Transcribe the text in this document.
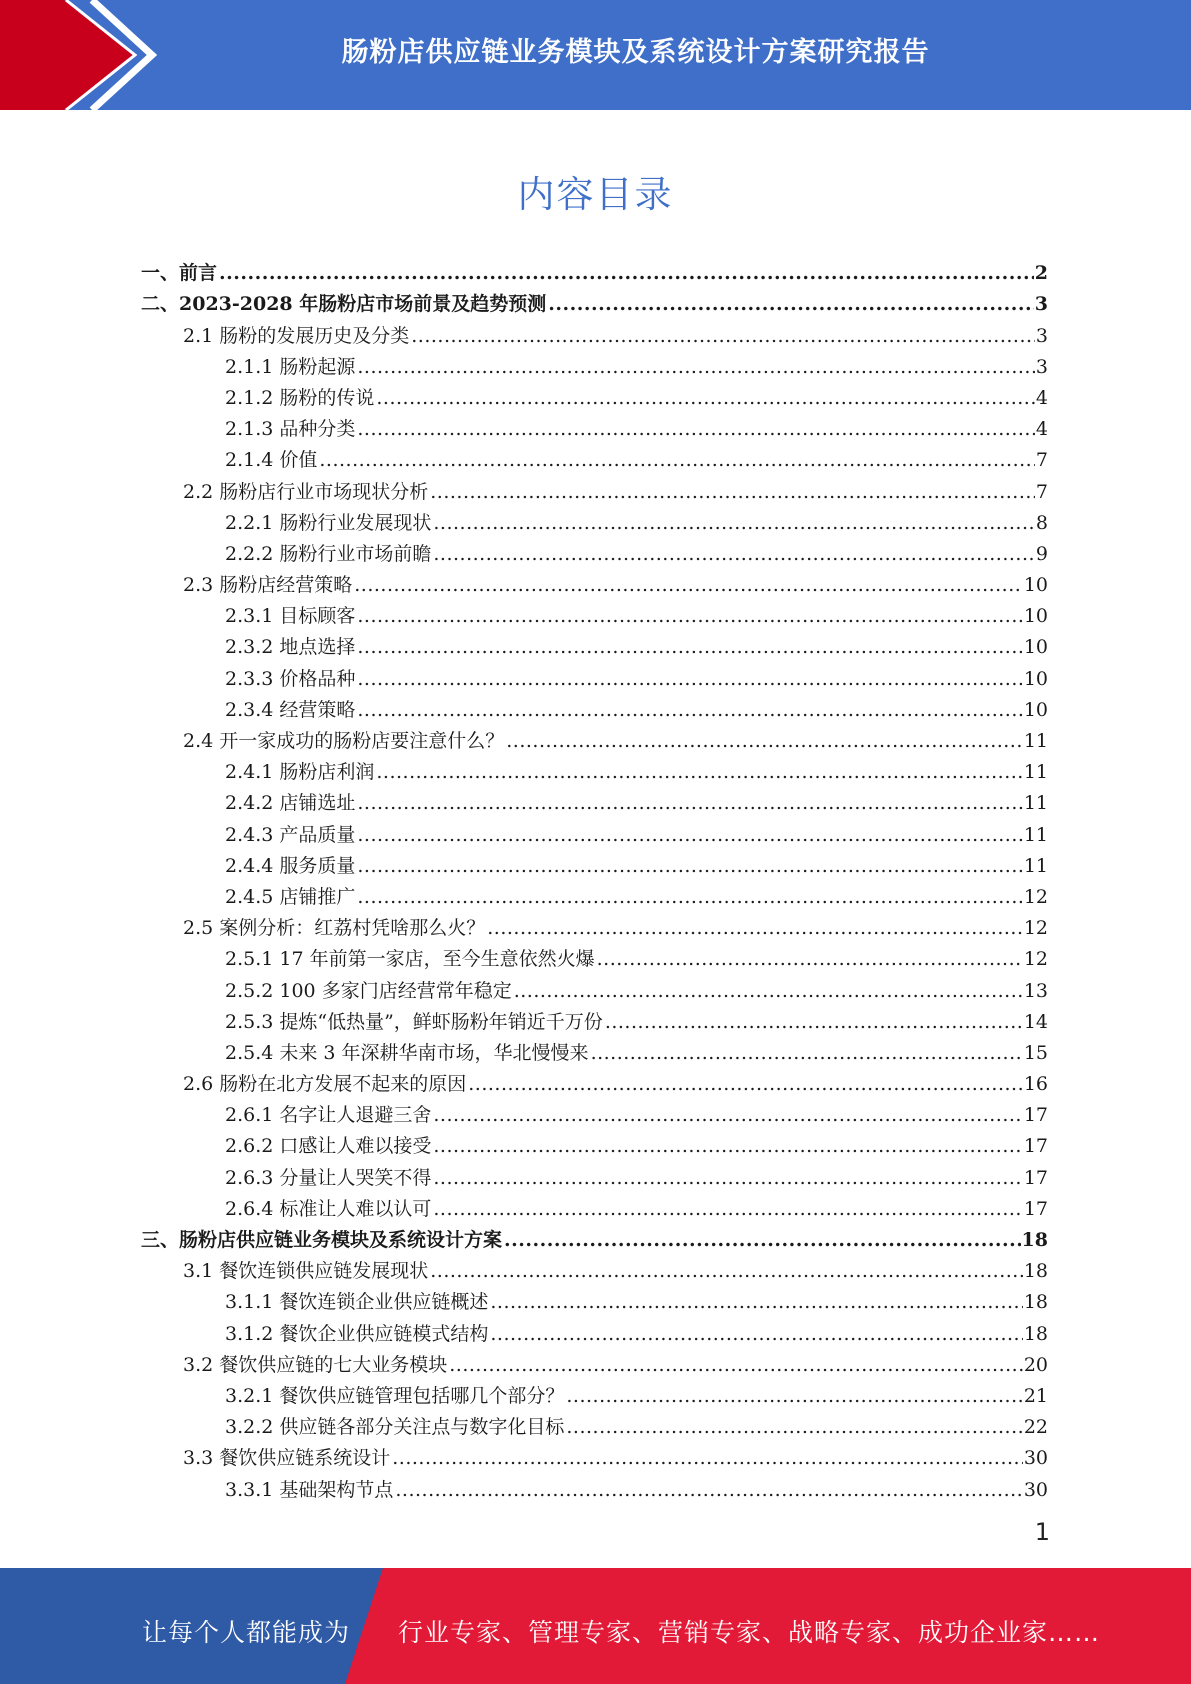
肠粉店供应链业务模块及系统设计方案研究报告
内容目录
一、前言 .....	2
二、2023-2028 年肠粉店市场前景及趋势预测 .....	3
2.1 肠粉的发展历史及分类 .....	3
2.1.1 肠粉起源 .....	3
2.1.2 肠粉的传说 .....	4
2.1.3 品种分类 .....	4
2.1.4 价值 .....	7
2.2 肠粉店行业市场现状分析 .....	7
2.2.1 肠粉行业发展现状 .....	8
2.2.2 肠粉行业市场前瞻 .....	9
2.3 肠粉店经营策略 .....	10
2.3.1 目标顾客 .....	10
2.3.2 地点选择 .....	10
2.3.3 价格品种 .....	10
2.3.4 经营策略 .....	10
2.4 开一家成功的肠粉店要注意什么？ .....	11
2.4.1 肠粉店利润 .....	11
2.4.2 店铺选址 .....	11
2.4.3 产品质量 .....	11
2.4.4 服务质量 .....	11
2.4.5 店铺推广 .....	12
2.5 案例分析：红荔村凭啥那么火？ .....	12
2.5.1 17 年前第一家店，至今生意依然火爆 .....	12
2.5.2 100 多家门店经营常年稳定 .....	13
2.5.3 提炼“低热量”，鲜虾肠粉年销近千万份 .....	14
2.5.4 未来 3 年深耕华南市场，华北慢慢来 .....	15
2.6 肠粉在北方发展不起来的原因 .....	16
2.6.1 名字让人退避三舍 .....	17
2.6.2 口感让人难以接受 .....	17
2.6.3 分量让人哭笑不得 .....	17
2.6.4 标准让人难以认可 .....	17
三、肠粉店供应链业务模块及系统设计方案 .....	18
3.1 餐饮连锁供应链发展现状 .....	18
3.1.1 餐饮连锁企业供应链概述 .....	18
3.1.2 餐饮企业供应链模式结构 .....	18
3.2 餐饮供应链的七大业务模块 .....	20
3.2.1 餐饮供应链管理包括哪几个部分？ .....	21
3.2.2 供应链各部分关注点与数字化目标 .....	22
3.3 餐饮供应链系统设计 .....	30
3.3.1 基础架构节点 .....	30
1
让每个人都能成为 行业专家、管理专家、营销专家、战略专家、成功企业家……
